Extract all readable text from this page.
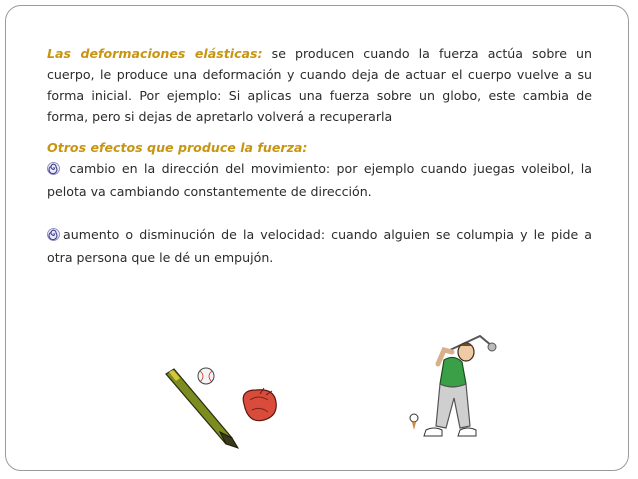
Las deformaciones elásticas: se producen cuando la fuerza actúa sobre un cuerpo, le produce una deformación y cuando deja de actuar el cuerpo vuelve a su forma inicial. Por ejemplo: Si aplicas una fuerza sobre un globo, este cambia de forma, pero si dejas de apretarlo volverá a recuperarla

Otros efectos que produce la fuerza:

cambio en la dirección del movimiento: por ejemplo cuando juegas voleibol, la pelota va cambiando constantemente de dirección.

aumento o disminución de la velocidad: cuando alguien se columpia y le pide a otra persona que le dé un empujón.
